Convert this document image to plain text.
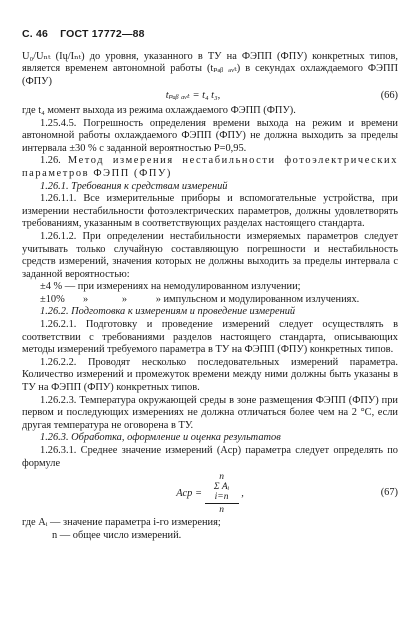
С. 46 ГОСТ 17772—88

U₀/Uₙₜ (Ių/Iₙₜ) до уровня, указанного в ТУ на ФЭПП (ФПУ) конкретных типов, является временем автономной работы (tₚₐᵦ ₐᵥₜ) в секундах охлаждаемого ФЭПП (ФПУ)

tₚₐᵦ ₐᵥₜ = t₄ t₃,	(66)

где t₄ момент выхода из режима охлаждаемого ФЭПП (ФПУ).

1.25.4.5. Погрешность определения времени выхода на режим и времени автономной работы охлаждаемого ФЭПП (ФПУ) не должна выходить за пределы интервала ±30 % с заданной вероятностью P=0,95.

1.26. Метод измерения нестабильности фотоэлектрических параметров ФЭПП (ФПУ)

1.26.1. Требования к средствам измерений

1.26.1.1. Все измерительные приборы и вспомогательные устройства, при измерении нестабильности фотоэлектрических параметров, должны удовлетворять требованиям, указанным в соответствующих разделах настоящего стандарта.

1.26.1.2. При определении нестабильности измеряемых параметров следует учитывать только случайную составляющую погрешности и нестабильность средств измерений, значения которых не должны выходить за пределы интервала с заданной вероятностью:

±4 % — при измерениях на немодулированном излучении;

±10% »	»	» импульсном и модулированном излучениях.

1.26.2. Подготовка к измерениям и проведение измерений

1.26.2.1. Подготовку и проведение измерений следует осуществлять в соответствии с требованиями разделов настоящего стандарта, описывающих методы измерений требуемого параметра в ТУ на ФЭПП (ФПУ) конкретных типов.

1.26.2.2. Проводят несколько последовательных измерений параметра. Количество измерений и промежуток времени между ними должны быть указаны в ТУ на ФЭПП (ФПУ) конкретных типов.

1.26.2.3. Температура окружающей среды в зоне размещения ФЭПП (ФПУ) при первом и последующих измерениях не должна отличаться более чем на 2 °С, если другая температура не оговорена в ТУ.

1.26.3. Обработка, оформление и оценка результатов

1.26.3.1. Среднее значение измерений (Aср) параметра следует определять по формуле

Aср =
n
Σ Aᵢ
i=n
n
,	(67)

где Aᵢ — значение параметра i-го измерения;

n — общее число измерений.
